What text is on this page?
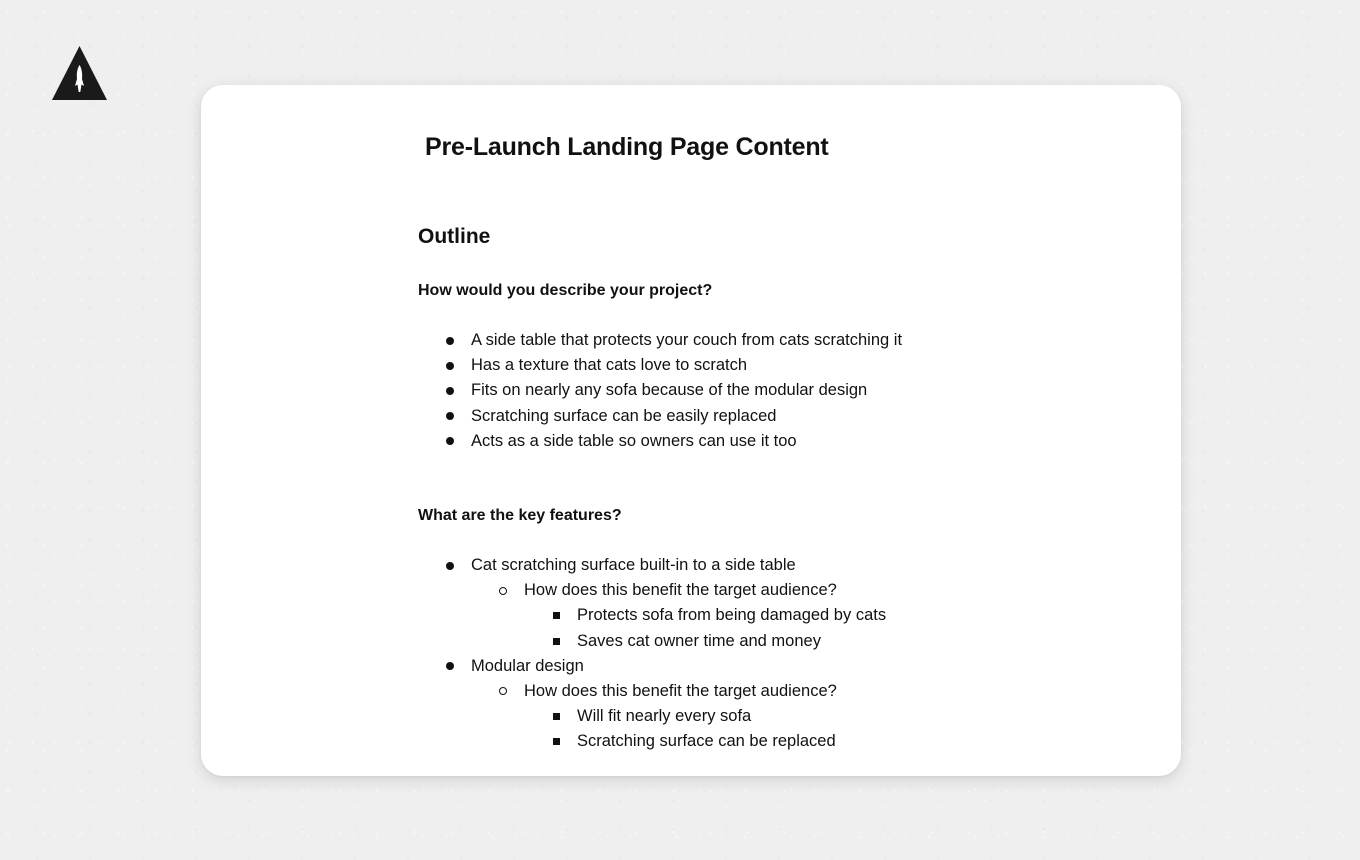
Pre-Launch Landing Page Content
Outline

How would you describe your project?

A side table that protects your couch from cats scratching it
Has a texture that cats love to scratch
Fits on nearly any sofa because of the modular design
Scratching surface can be easily replaced
Acts as a side table so owners can use it too

What are the key features?

Cat scratching surface built-in to a side table
How does this benefit the target audience?
Protects sofa from being damaged by cats
Saves cat owner time and money
Modular design
How does this benefit the target audience?
Will fit nearly every sofa
Scratching surface can be replaced
